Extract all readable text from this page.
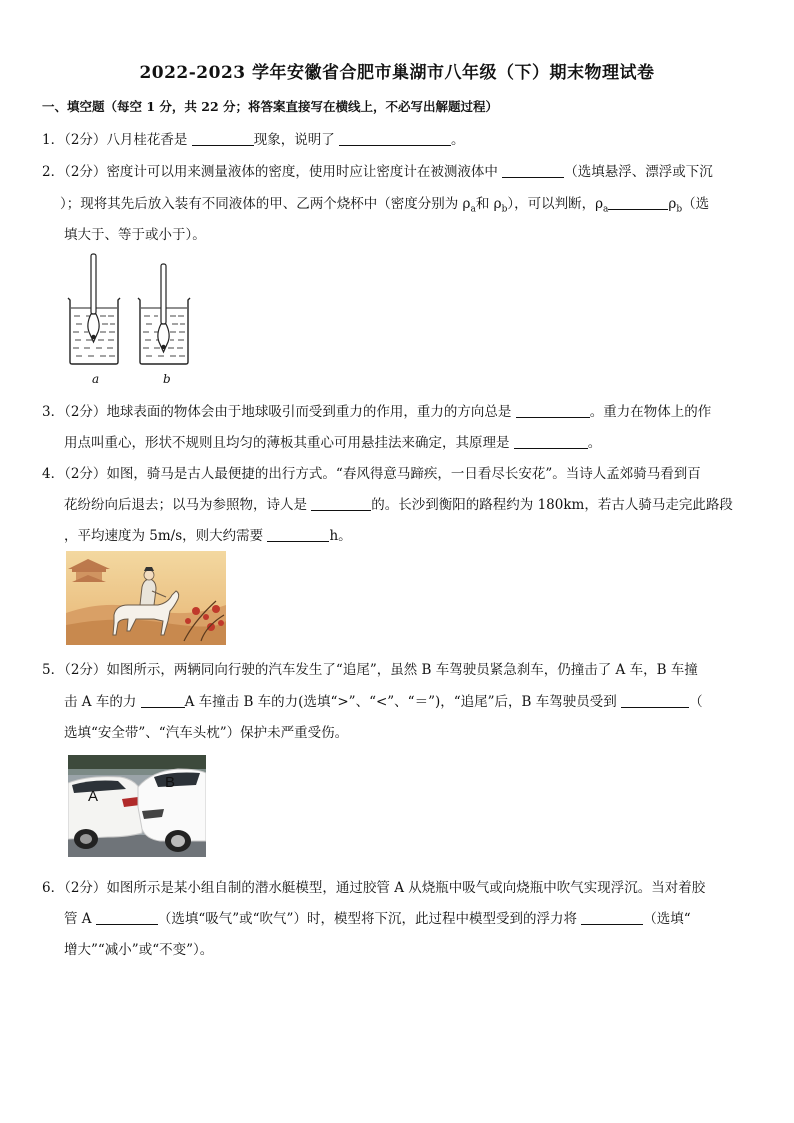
2022-2023 学年安徽省合肥市巢湖市八年级（下）期末物理试卷
一、填空题（每空 1 分，共 22 分；将答案直接写在横线上，不必写出解题过程）
1．（2分）八月桂花香是	现象，说明了	。
2．（2分）密度计可以用来测量液体的密度，使用时应让密度计在被测液体中	（选填悬浮、漂浮或下沉
）；现将其先后放入装有不同液体的甲、乙两个烧杯中（密度分别为 $\rho_a$和 $\rho_b$），可以判断，$\rho_a$	$\rho_b$（选
填大于、等于或小于）。
a	b
3．（2分）地球表面的物体会由于地球吸引而受到重力的作用，重力的方向总是	。重力在物体上的作
用点叫重心，形状不规则且均匀的薄板其重心可用悬挂法来确定，其原理是	。
4．（2分）如图，骑马是古人最便捷的出行方式。“春风得意马蹄疾，一日看尽长安花”。当诗人孟郊骑马看到百
花纷纷向后退去；以马为参照物，诗人是	的。长沙到衡阳的路程约为 180km，若古人骑马走完此路段
，平均速度为 5m/s，则大约需要	h。
5．（2分）如图所示，两辆同向行驶的汽车发生了“追尾”，虽然 B 车驾驶员紧急刹车，仍撞击了 A 车，B 车撞
击 A 车的力	A 车撞击 B 车的力(选填“>”、“<”、“＝”)，“追尾”后，B 车驾驶员受到	（
选填“安全带”、“汽车头枕”）保护未严重受伤。
A
B
6．（2分）如图所示是某小组自制的潜水艇模型，通过胶管 A 从烧瓶中吸气或向烧瓶中吹气实现浮沉。当对着胶
管 A	（选填“吸气”或“吹气”）时，模型将下沉，此过程中模型受到的浮力将	（选填“
增大”“减小”或“不变”）。
